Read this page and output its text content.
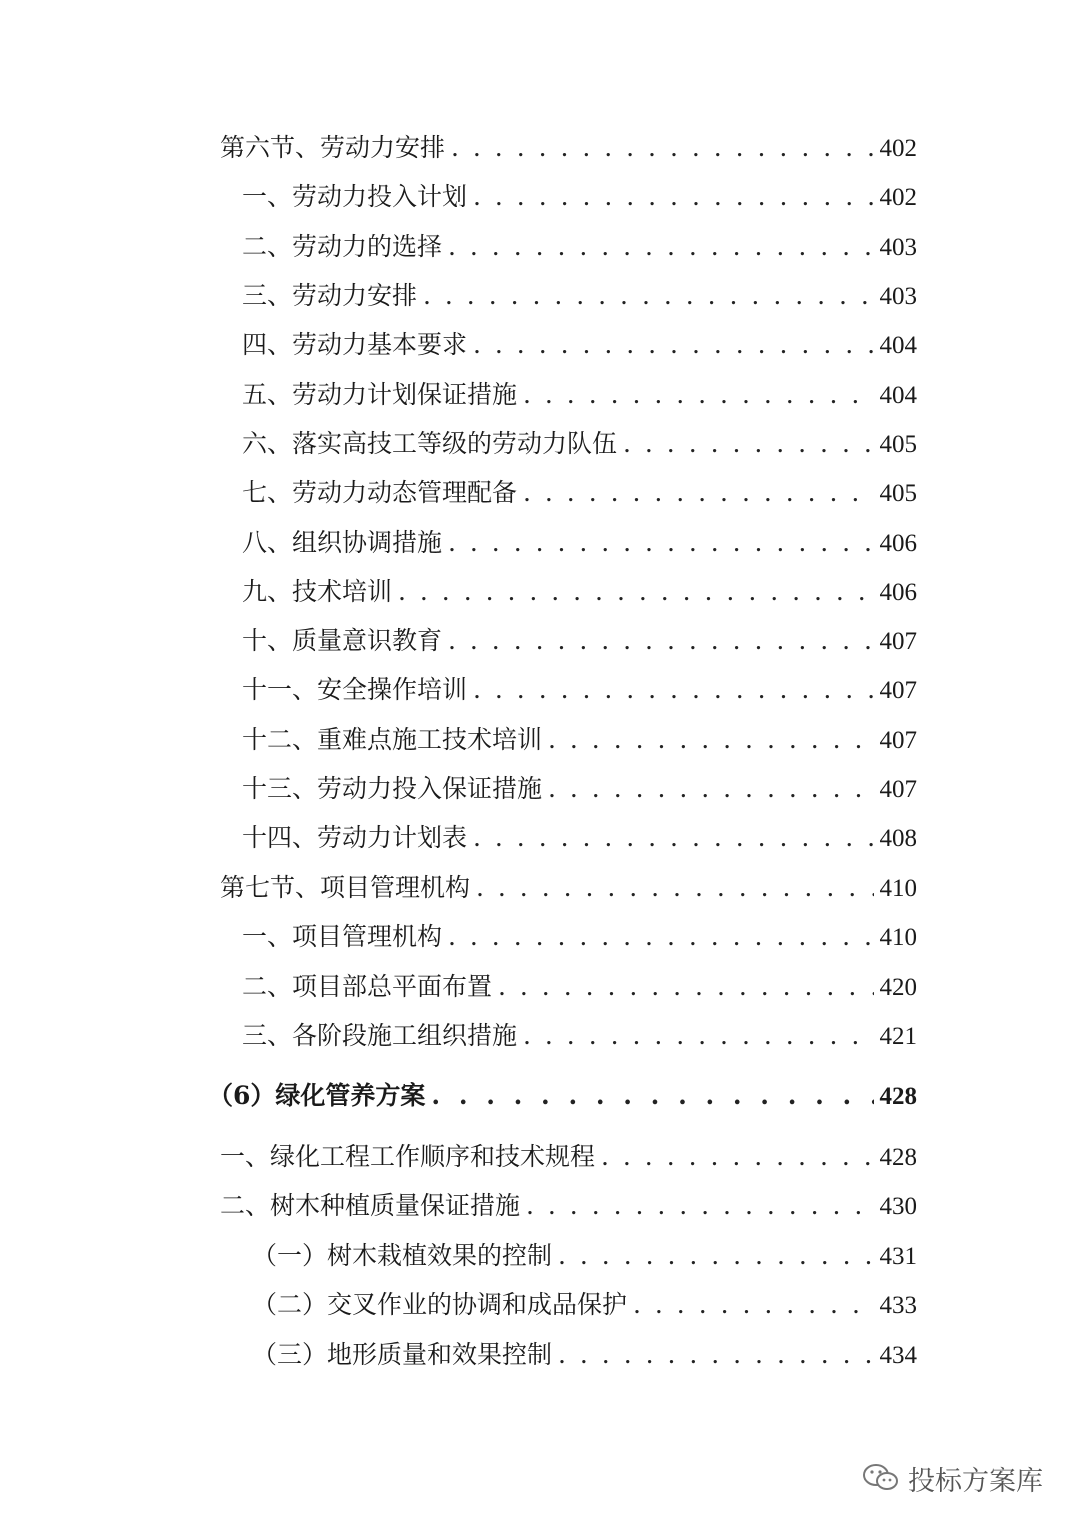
第六节、劳动力安排 . . .	402
一、劳动力投入计划 . . .	402
二、劳动力的选择 . . .	403
三、劳动力安排 . . .	403
四、劳动力基本要求 . . .	404
五、劳动力计划保证措施 . . .	404
六、落实高技工等级的劳动力队伍 . . .	405
七、劳动力动态管理配备 . . .	405
八、组织协调措施 . . .	406
九、技术培训 . . .	406
十、质量意识教育 . . .	407
十一、安全操作培训 . . .	407
十二、重难点施工技术培训 . . .	407
十三、劳动力投入保证措施 . . .	407
十四、劳动力计划表 . . .	408
第七节、项目管理机构 . . .	410
一、项目管理机构 . . .	410
二、项目部总平面布置 . . .	420
三、各阶段施工组织措施 . . .	421
（6）绿化管养方案 . . .	428
一、绿化工程工作顺序和技术规程 . . .	428
二、树木种植质量保证措施 . . .	430
（一）树木栽植效果的控制 . . .	431
（二）交叉作业的协调和成品保护 . . .	433
（三）地形质量和效果控制 . . .	434
投标方案库
